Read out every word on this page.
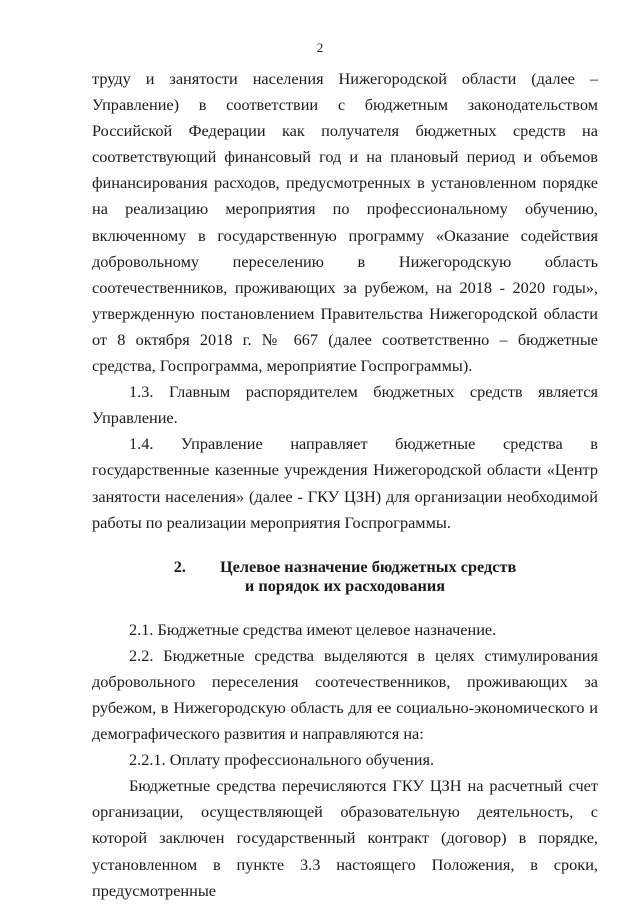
2

труду и занятости населения Нижегородской области (далее – Управление) в соответствии с бюджетным законодательством Российской Федерации как получателя бюджетных средств на соответствующий финансовый год и на плановый период и объемов финансирования расходов, предусмотренных в установленном порядке на реализацию мероприятия по профессиональному обучению, включенному в государственную программу «Оказание содействия добровольному переселению в Нижегородскую область соотечественников, проживающих за рубежом, на 2018 - 2020 годы», утвержденную постановлением Правительства Нижегородской области от 8 октября 2018 г. № 667 (далее соответственно – бюджетные средства, Госпрограмма, мероприятие Госпрограммы).

1.3. Главным распорядителем бюджетных средств является Управление.

1.4. Управление направляет бюджетные средства в государственные казенные учреждения Нижегородской области «Центр занятости населения» (далее - ГКУ ЦЗН) для организации необходимой работы по реализации мероприятия Госпрограммы.

2. Целевое назначение бюджетных средств
и порядок их расходования

2.1. Бюджетные средства имеют целевое назначение.

2.2. Бюджетные средства выделяются в целях стимулирования добровольного переселения соотечественников, проживающих за рубежом, в Нижегородскую область для ее социально-экономического и демографического развития и направляются на:

2.2.1. Оплату профессионального обучения.

Бюджетные средства перечисляются ГКУ ЦЗН на расчетный счет организации, осуществляющей образовательную деятельность, с которой заключен государственный контракт (договор) в порядке, установленном в пункте 3.3 настоящего Положения, в сроки, предусмотренные
